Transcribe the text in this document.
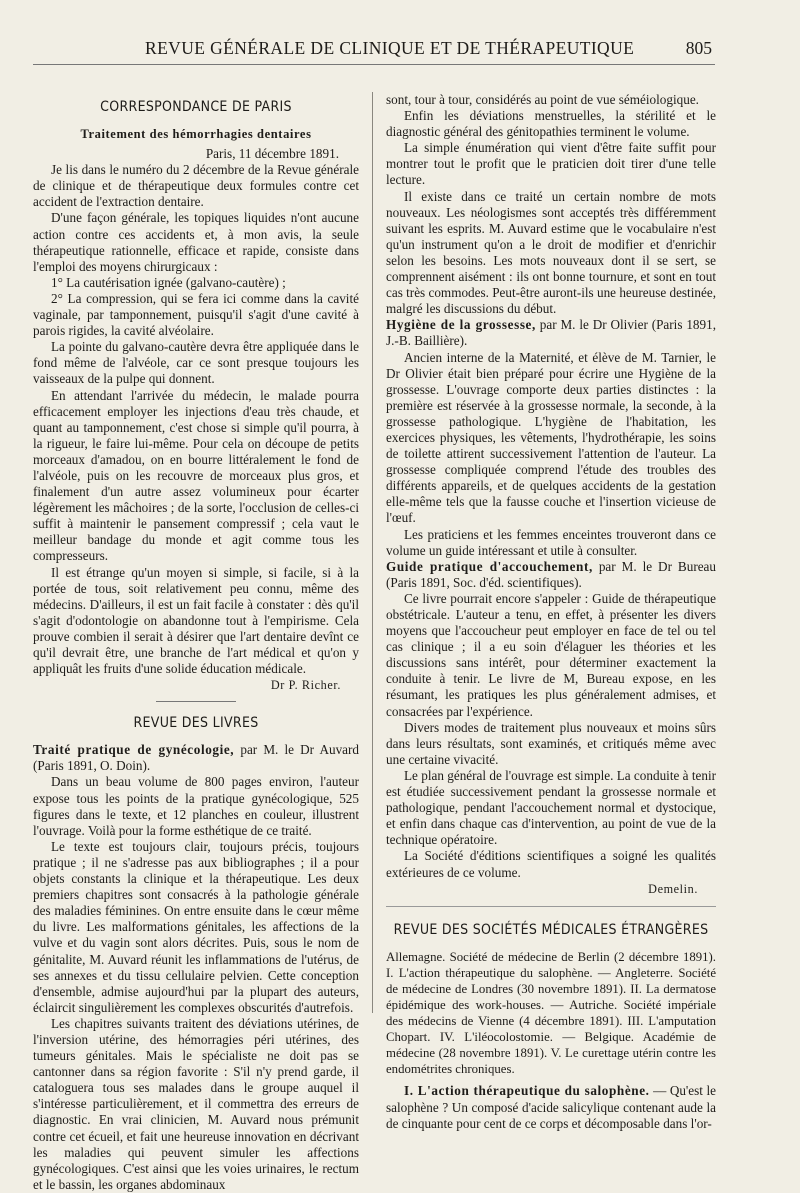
REVUE GÉNÉRALE DE CLINIQUE ET DE THÉRAPEUTIQUE	805
CORRESPONDANCE DE PARIS
Traitement des hémorrhagies dentaires
Paris, 11 décembre 1891.

Je lis dans le numéro du 2 décembre de la Revue générale de clinique et de thérapeutique deux formules contre cet accident de l'extraction dentaire.

D'une façon générale, les topiques liquides n'ont aucune action contre ces accidents et, à mon avis, la seule thérapeutique rationnelle, efficace et rapide, consiste dans l'emploi des moyens chirurgicaux :

1° La cautérisation ignée (galvano-cautère) ;

2° La compression, qui se fera ici comme dans la cavité vaginale, par tamponnement, puisqu'il s'agit d'une cavité à parois rigides, la cavité alvéolaire.

La pointe du galvano-cautère devra être appliquée dans le fond même de l'alvéole, car ce sont presque toujours les vaisseaux de la pulpe qui donnent.

En attendant l'arrivée du médecin, le malade pourra efficacement employer les injections d'eau très chaude, et quant au tamponnement, c'est chose si simple qu'il pourra, à la rigueur, le faire lui-même. Pour cela on découpe de petits morceaux d'amadou, on en bourre littéralement le fond de l'alvéole, puis on les recouvre de morceaux plus gros, et finalement d'un autre assez volumineux pour écarter légèrement les mâchoires ; de la sorte, l'occlusion de celles-ci suffit à maintenir le pansement compressif ; cela vaut le meilleur bandage du monde et agit comme tous les compresseurs.

Il est étrange qu'un moyen si simple, si facile, si à la portée de tous, soit relativement peu connu, même des médecins. D'ailleurs, il est un fait facile à constater : dès qu'il s'agit d'odontologie on abandonne tout à l'empirisme. Cela prouve combien il serait à désirer que l'art dentaire devînt ce qu'il devrait être, une branche de l'art médical et qu'on y appliquât les fruits d'une solide éducation médicale.

Dr P. Richer.
REVUE DES LIVRES

Traité pratique de gynécologie, par M. le Dr Auvard (Paris 1891, O. Doin).

Dans un beau volume de 800 pages environ, l'auteur expose tous les points de la pratique gynécologique, 525 figures dans le texte, et 12 planches en couleur, illustrent l'ouvrage. Voilà pour la forme esthétique de ce traité.

Le texte est toujours clair, toujours précis, toujours pratique ; il ne s'adresse pas aux bibliographes ; il a pour objets constants la clinique et la thérapeutique. Les deux premiers chapitres sont consacrés à la pathologie générale des maladies féminines. On entre ensuite dans le cœur même du livre. Les malformations génitales, les affections de la vulve et du vagin sont alors décrites. Puis, sous le nom de génitalite, M. Auvard réunit les inflammations de l'utérus, de ses annexes et du tissu cellulaire pelvien. Cette conception d'ensemble, admise aujourd'hui par la plupart des auteurs, éclaircit singulièrement les complexes obscurités d'autrefois.

Les chapitres suivants traitent des déviations utérines, de l'inversion utérine, des hémorragies péri utérines, des tumeurs génitales. Mais le spécialiste ne doit pas se cantonner dans sa région favorite : S'il n'y prend garde, il cataloguera tous ses malades dans le groupe auquel il s'intéresse particulièrement, et il commettra des erreurs de diagnostic. En vrai clinicien, M. Auvard nous prémunit contre cet écueil, et fait une heureuse innovation en décrivant les maladies qui peuvent simuler les affections gynécologiques. C'est ainsi que les voies urinaires, le rectum et le bassin, les organes abdominaux

sont, tour à tour, considérés au point de vue séméiologique.

Enfin les déviations menstruelles, la stérilité et le diagnostic général des génitopathies terminent le volume.

La simple énumération qui vient d'être faite suffit pour montrer tout le profit que le praticien doit tirer d'une telle lecture.

Il existe dans ce traité un certain nombre de mots nouveaux. Les néologismes sont acceptés très différemment suivant les esprits. M. Auvard estime que le vocabulaire n'est qu'un instrument qu'on a le droit de modifier et d'enrichir selon les besoins. Les mots nouveaux dont il se sert, se comprennent aisément : ils ont bonne tournure, et sont en tout cas très commodes. Peut-être auront-ils une heureuse destinée, malgré les discussions du début.

Hygiène de la grossesse, par M. le Dr Olivier (Paris 1891, J.-B. Baillière).

Ancien interne de la Maternité, et élève de M. Tarnier, le Dr Olivier était bien préparé pour écrire une Hygiène de la grossesse. L'ouvrage comporte deux parties distinctes : la première est réservée à la grossesse normale, la seconde, à la grossesse pathologique. L'hygiène de l'habitation, les exercices physiques, les vêtements, l'hydrothérapie, les soins de toilette attirent successivement l'attention de l'auteur. La grossesse compliquée comprend l'étude des troubles des différents appareils, et de quelques accidents de la gestation elle-même tels que la fausse couche et l'insertion vicieuse de l'œuf.

Les praticiens et les femmes enceintes trouveront dans ce volume un guide intéressant et utile à consulter.

Guide pratique d'accouchement, par M. le Dr Bureau (Paris 1891, Soc. d'éd. scientifiques).

Ce livre pourrait encore s'appeler : Guide de thérapeutique obstétricale. L'auteur a tenu, en effet, à présenter les divers moyens que l'accoucheur peut employer en face de tel ou tel cas clinique ; il a eu soin d'élaguer les théories et les discussions sans intérêt, pour déterminer exactement la conduite à tenir. Le livre de M, Bureau expose, en les résumant, les pratiques les plus généralement admises, et consacrées par l'expérience.

Divers modes de traitement plus nouveaux et moins sûrs dans leurs résultats, sont examinés, et critiqués même avec une certaine vivacité.

Le plan général de l'ouvrage est simple. La conduite à tenir est étudiée successivement pendant la grossesse normale et pathologique, pendant l'accouchement normal et dystocique, et enfin dans chaque cas d'intervention, au point de vue de la technique opératoire.

La Société d'éditions scientifiques a soigné les qualités extérieures de ce volume.

Demelin.
REVUE DES SOCIÉTÉS MÉDICALES ÉTRANGÈRES

Allemagne. Société de médecine de Berlin (2 décembre 1891). I. L'action thérapeutique du salophène. — Angleterre. Société de médecine de Londres (30 novembre 1891). II. La dermatose épidémique des work-houses. — Autriche. Société impériale des médecins de Vienne (4 décembre 1891). III. L'amputation Chopart. IV. L'iléocolostomie. — Belgique. Académie de médecine (28 novembre 1891). V. Le curettage utérin contre les endométrites chroniques.

I. L'action thérapeutique du salophène. — Qu'est le salophène ? Un composé d'acide salicylique contenant aude la de cinquante pour cent de ce corps et décomposable dans l'or-
